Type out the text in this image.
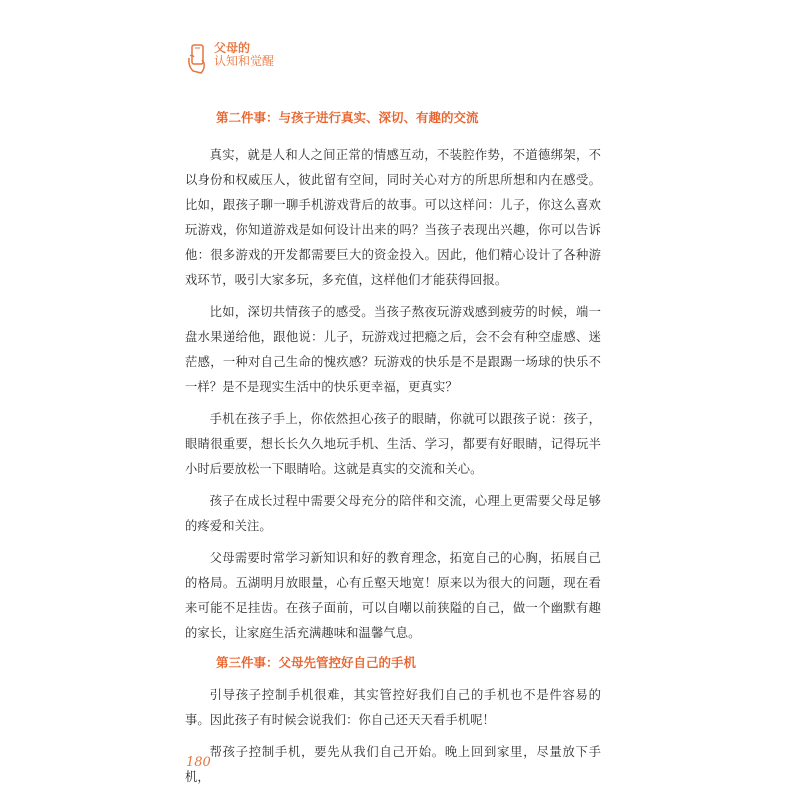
父母的
认知和觉醒
第二件事：与孩子进行真实、深切、有趣的交流

真实，就是人和人之间正常的情感互动，不装腔作势，不道德绑架，不以身份和权威压人，彼此留有空间，同时关心对方的所思所想和内在感受。比如，跟孩子聊一聊手机游戏背后的故事。可以这样问：儿子，你这么喜欢玩游戏，你知道游戏是如何设计出来的吗？当孩子表现出兴趣，你可以告诉他：很多游戏的开发都需要巨大的资金投入。因此，他们精心设计了各种游戏环节，吸引大家多玩，多充值，这样他们才能获得回报。

比如，深切共情孩子的感受。当孩子熬夜玩游戏感到疲劳的时候，端一盘水果递给他，跟他说：儿子，玩游戏过把瘾之后，会不会有种空虚感、迷茫感，一种对自己生命的愧疚感？玩游戏的快乐是不是跟踢一场球的快乐不一样？是不是现实生活中的快乐更幸福，更真实？

手机在孩子手上，你依然担心孩子的眼睛，你就可以跟孩子说：孩子，眼睛很重要，想长长久久地玩手机、生活、学习，都要有好眼睛，记得玩半小时后要放松一下眼睛哈。这就是真实的交流和关心。

孩子在成长过程中需要父母充分的陪伴和交流，心理上更需要父母足够的疼爱和关注。

父母需要时常学习新知识和好的教育理念，拓宽自己的心胸，拓展自己的格局。五湖明月放眼量，心有丘壑天地宽！原来以为很大的问题，现在看来可能不足挂齿。在孩子面前，可以自嘲以前狭隘的自己，做一个幽默有趣的家长，让家庭生活充满趣味和温馨气息。

第三件事：父母先管控好自己的手机

引导孩子控制手机很难，其实管控好我们自己的手机也不是件容易的事。因此孩子有时候会说我们：你自己还天天看手机呢！

帮孩子控制手机，要先从我们自己开始。晚上回到家里，尽量放下手机，

180
